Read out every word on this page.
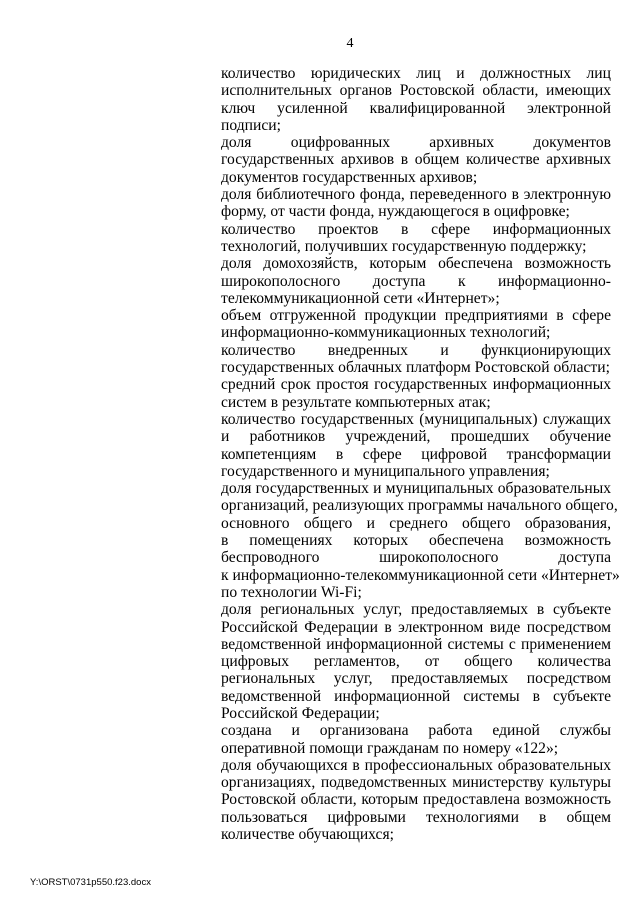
4
количество юридических лиц и должностных лиц
исполнительных органов Ростовской области, имеющих
ключ усиленной квалифицированной электронной
подписи;
доля оцифрованных архивных документов
государственных архивов в общем количестве архивных
документов государственных архивов;
доля библиотечного фонда, переведенного в электронную
форму, от части фонда, нуждающегося в оцифровке;
количество проектов в сфере информационных
технологий, получивших государственную поддержку;
доля домохозяйств, которым обеспечена возможность
широкополосного доступа к информационно-
телекоммуникационной сети «Интернет»;
объем отгруженной продукции предприятиями в сфере
информационно-коммуникационных технологий;
количество внедренных и функционирующих
государственных облачных платформ Ростовской области;
средний срок простоя государственных информационных
систем в результате компьютерных атак;
количество государственных (муниципальных) служащих
и работников учреждений, прошедших обучение
компетенциям в сфере цифровой трансформации
государственного и муниципального управления;
доля государственных и муниципальных образовательных
организаций, реализующих программы начального общего,
основного общего и среднего общего образования,
в помещениях которых обеспечена возможность
беспроводного широкополосного доступа
к информационно-телекоммуникационной сети «Интернет»
по технологии Wi-Fi;
доля региональных услуг, предоставляемых в субъекте
Российской Федерации в электронном виде посредством
ведомственной информационной системы с применением
цифровых регламентов, от общего количества
региональных услуг, предоставляемых посредством
ведомственной информационной системы в субъекте
Российской Федерации;
создана и организована работа единой службы
оперативной помощи гражданам по номеру «122»;
доля обучающихся в профессиональных образовательных
организациях, подведомственных министерству культуры
Ростовской области, которым предоставлена возможность
пользоваться цифровыми технологиями в общем
количестве обучающихся;
Y:\ORST\0731p550.f23.docx
